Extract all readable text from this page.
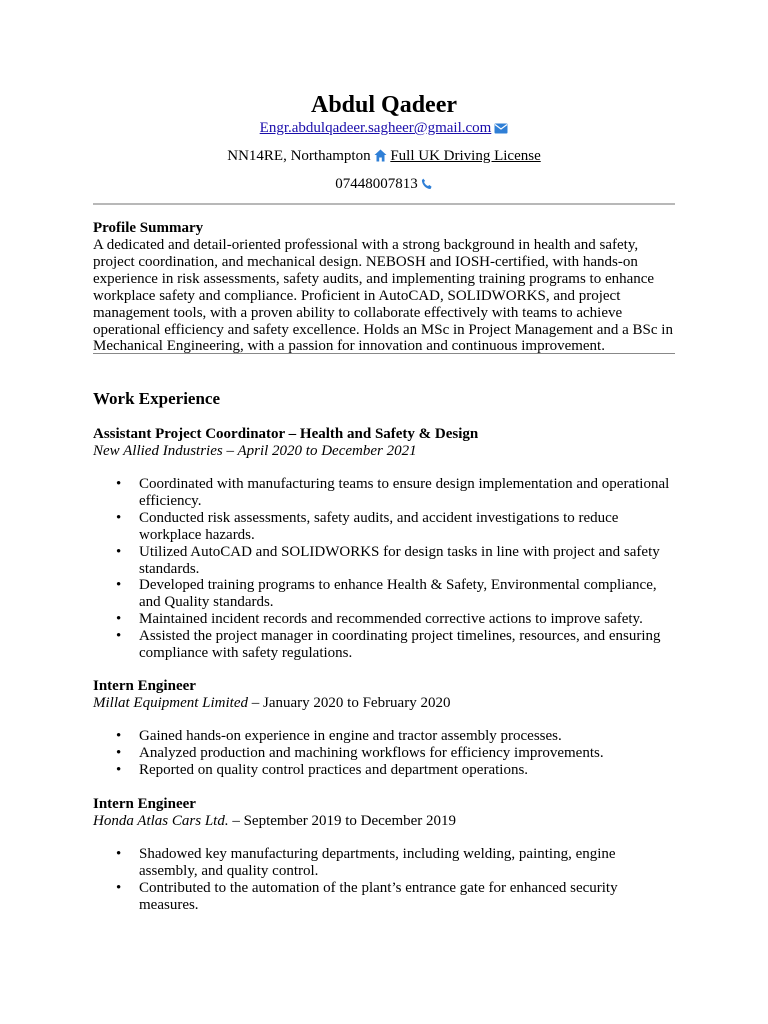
Abdul Qadeer
Engr.abdulqadeer.sagheer@gmail.com
NN14RE, Northampton Full UK Driving License
07448007813
Profile Summary
A dedicated and detail-oriented professional with a strong background in health and safety, project coordination, and mechanical design. NEBOSH and IOSH-certified, with hands-on experience in risk assessments, safety audits, and implementing training programs to enhance workplace safety and compliance. Proficient in AutoCAD, SOLIDWORKS, and project management tools, with a proven ability to collaborate effectively with teams to achieve operational efficiency and safety excellence. Holds an MSc in Project Management and a BSc in Mechanical Engineering, with a passion for innovation and continuous improvement.
Work Experience
Assistant Project Coordinator – Health and Safety & Design
New Allied Industries – April 2020 to December 2021
• Coordinated with manufacturing teams to ensure design implementation and operational efficiency.
• Conducted risk assessments, safety audits, and accident investigations to reduce workplace hazards.
• Utilized AutoCAD and SOLIDWORKS for design tasks in line with project and safety standards.
• Developed training programs to enhance Health & Safety, Environmental compliance, and Quality standards.
• Maintained incident records and recommended corrective actions to improve safety.
• Assisted the project manager in coordinating project timelines, resources, and ensuring compliance with safety regulations.
Intern Engineer
Millat Equipment Limited – January 2020 to February 2020
• Gained hands-on experience in engine and tractor assembly processes.
• Analyzed production and machining workflows for efficiency improvements.
• Reported on quality control practices and department operations.
Intern Engineer
Honda Atlas Cars Ltd. – September 2019 to December 2019
• Shadowed key manufacturing departments, including welding, painting, engine assembly, and quality control.
• Contributed to the automation of the plant’s entrance gate for enhanced security measures.
